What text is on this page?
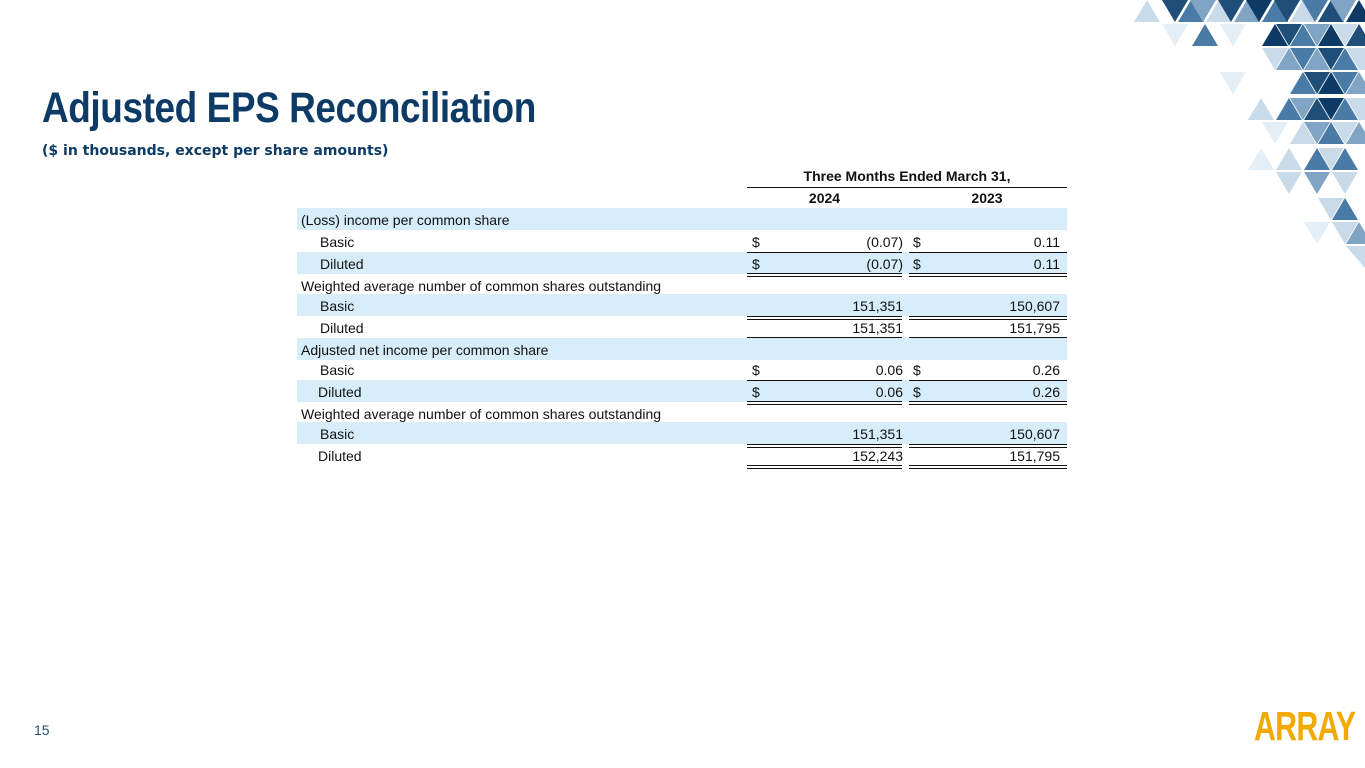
Adjusted EPS Reconciliation
($ in thousands, except per share amounts)
Three Months Ended March 31,
2024	2023
(Loss) income per common share
Basic	$	(0.07) $	0.11
Diluted	$	(0.07) $	0.11
Weighted average number of common shares outstanding
Basic	151,351	150,607
Diluted	151,351	151,795
Adjusted net income per common share
Basic	$	0.06 $	0.26
Diluted	$	0.06 $	0.26
Weighted average number of common shares outstanding
Basic	151,351	150,607
Diluted	152,243	151,795
15	ARRAY
